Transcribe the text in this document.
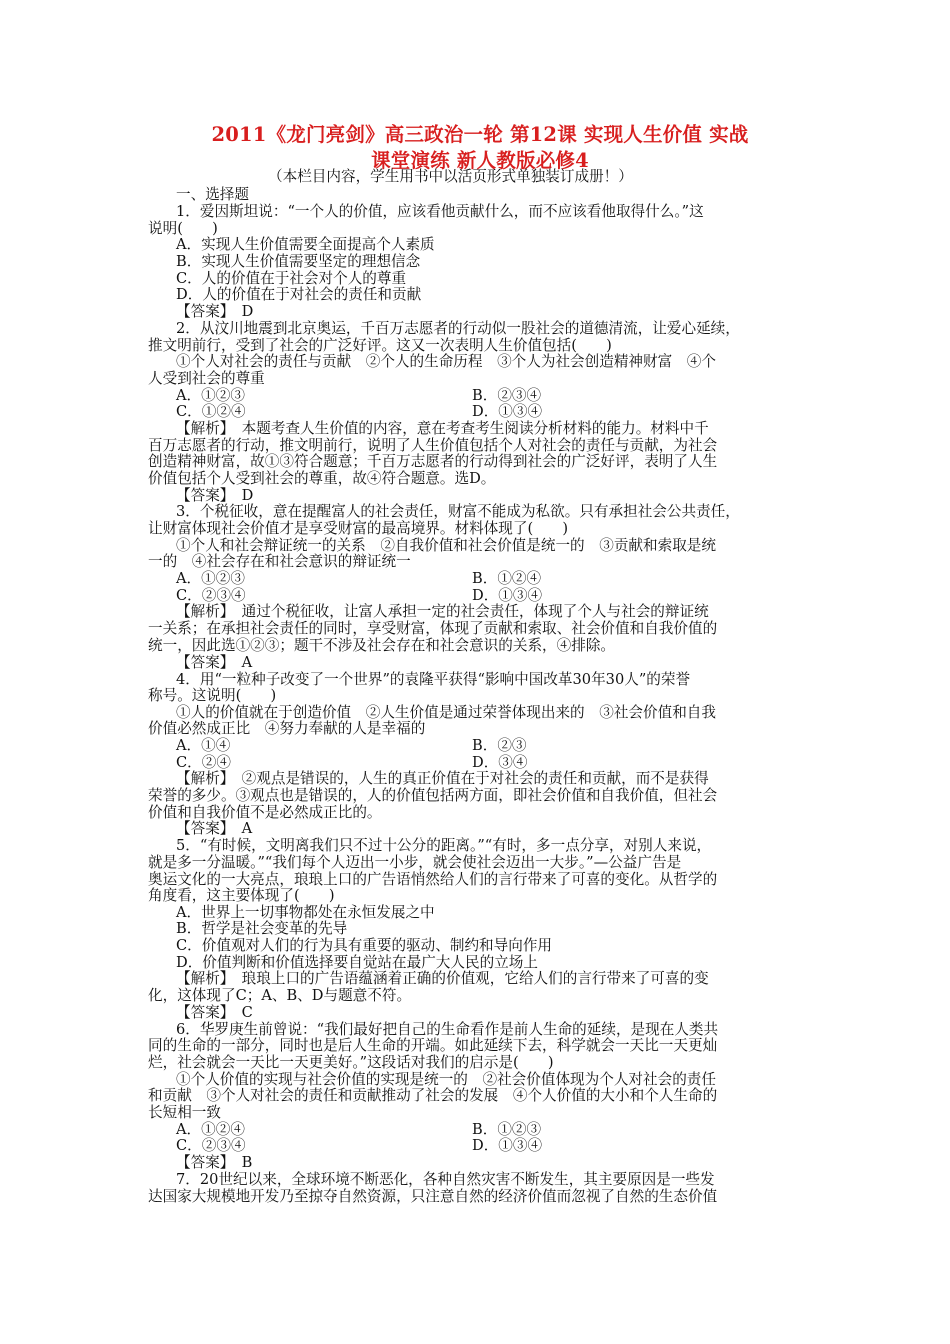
2011《龙门亮剑》高三政治一轮 第12课 实现人生价值 实战
课堂演练 新人教版必修4
（本栏目内容，学生用书中以活页形式单独装订成册！）
一、选择题
1．爱因斯坦说：“一个人的价值，应该看他贡献什么，而不应该看他取得什么。”这
说明(　　)
A．实现人生价值需要全面提高个人素质
B．实现人生价值需要坚定的理想信念
C．人的价值在于社会对个人的尊重
D．人的价值在于对社会的责任和贡献
【答案】　D
2．从汶川地震到北京奥运，千百万志愿者的行动似一股社会的道德清流，让爱心延续，
推文明前行，受到了社会的广泛好评。这又一次表明人生价值包括(　　)
①个人对社会的责任与贡献　②个人的生命历程　③个人为社会创造精神财富　④个
人受到社会的尊重
A．①②③	B．②③④
C．①②④	D．①③④
【解析】　本题考查人生价值的内容，意在考查考生阅读分析材料的能力。材料中千
百万志愿者的行动，推文明前行，说明了人生价值包括个人对社会的责任与贡献，为社会
创造精神财富，故①③符合题意；千百万志愿者的行动得到社会的广泛好评，表明了人生
价值包括个人受到社会的尊重，故④符合题意。选D。
【答案】　D
3．个税征收，意在提醒富人的社会责任，财富不能成为私欲。只有承担社会公共责任，
让财富体现社会价值才是享受财富的最高境界。材料体现了(　　)
①个人和社会辩证统一的关系　②自我价值和社会价值是统一的　③贡献和索取是统
一的　④社会存在和社会意识的辩证统一
A．①②③	B．①②④
C．②③④	D．①③④
【解析】　通过个税征收，让富人承担一定的社会责任，体现了个人与社会的辩证统
一关系；在承担社会责任的同时，享受财富，体现了贡献和索取、社会价值和自我价值的
统一，因此选①②③；题干不涉及社会存在和社会意识的关系，④排除。
【答案】　A
4．用“一粒种子改变了一个世界”的袁隆平获得“影响中国改革30年30人”的荣誉
称号。这说明(　　)
①人的价值就在于创造价值　②人生价值是通过荣誉体现出来的　③社会价值和自我
价值必然成正比　④努力奉献的人是幸福的
A．①④	B．②③
C．②④	D．③④
【解析】　②观点是错误的，人生的真正价值在于对社会的责任和贡献，而不是获得
荣誉的多少。③观点也是错误的，人的价值包括两方面，即社会价值和自我价值，但社会
价值和自我价值不是必然成正比的。
【答案】　A
5．“有时候，文明离我们只不过十公分的距离。”“有时，多一点分享，对别人来说，
就是多一分温暖。”“我们每个人迈出一小步，就会使社会迈出一大步。”—公益广告是
奥运文化的一大亮点，琅琅上口的广告语悄然给人们的言行带来了可喜的变化。从哲学的
角度看，这主要体现了(　　)
A．世界上一切事物都处在永恒发展之中
B．哲学是社会变革的先导
C．价值观对人们的行为具有重要的驱动、制约和导向作用
D．价值判断和价值选择要自觉站在最广大人民的立场上
【解析】　琅琅上口的广告语蕴涵着正确的价值观，它给人们的言行带来了可喜的变
化，这体现了C；A、B、D与题意不符。
【答案】　C
6．华罗庚生前曾说：“我们最好把自己的生命看作是前人生命的延续，是现在人类共
同的生命的一部分，同时也是后人生命的开端。如此延续下去，科学就会一天比一天更灿
烂，社会就会一天比一天更美好。”这段话对我们的启示是(　　)
①个人价值的实现与社会价值的实现是统一的　②社会价值体现为个人对社会的责任
和贡献　③个人对社会的责任和贡献推动了社会的发展　④个人价值的大小和个人生命的
长短相一致
A．①②④	B．①②③
C．②③④	D．①③④
【答案】　B
7．20世纪以来，全球环境不断恶化，各种自然灾害不断发生，其主要原因是一些发
达国家大规模地开发乃至掠夺自然资源，只注意自然的经济价值而忽视了自然的生态价值
